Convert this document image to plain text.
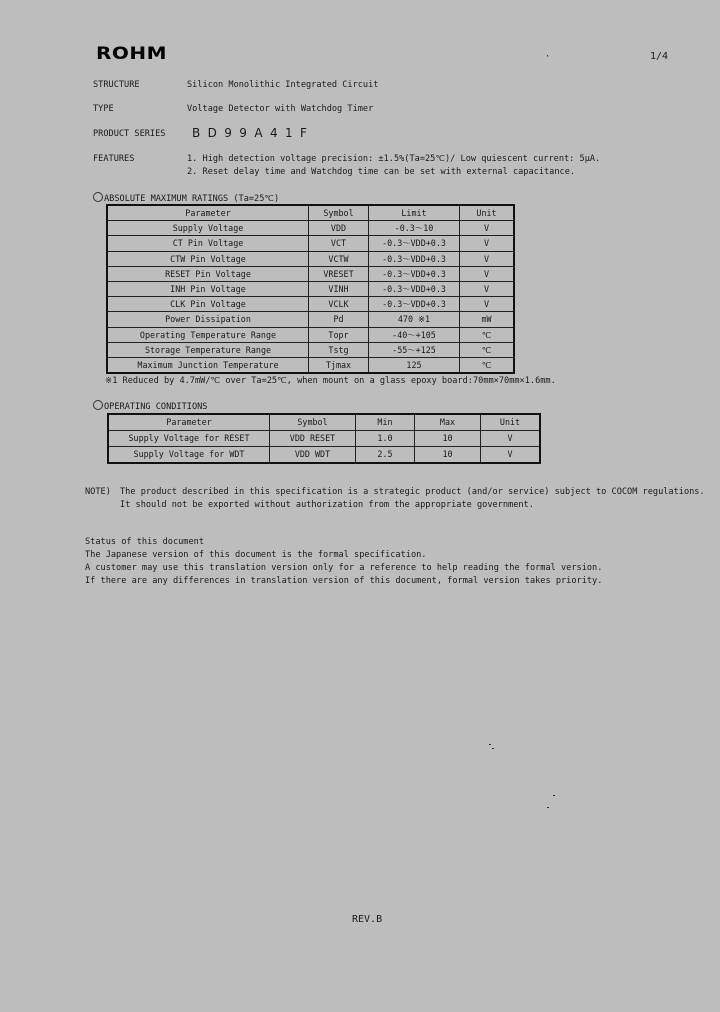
ROHM	·	1/4
STRUCTURE	Silicon Monolithic Integrated Circuit
TYPE	Voltage Detector with Watchdog Timer
PRODUCT SERIES BD99A41F
FEATURES	1. High detection voltage precision: ±1.5%(Ta=25℃)/ Low quiescent current: 5μA.
2. Reset delay time and Watchdog time can be set with external capacitance.
ABSOLUTE MAXIMUM RATINGS (Ta=25℃)
Parameter	Symbol	Limit	Unit
Supply Voltage	VDD	-0.3〜10	V
CT Pin Voltage	VCT	-0.3〜VDD+0.3	V
CTW Pin Voltage	VCTW	-0.3〜VDD+0.3	V
RESET Pin Voltage	VRESET	-0.3〜VDD+0.3	V
INH Pin Voltage	VINH	-0.3〜VDD+0.3	V
CLK Pin Voltage	VCLK	-0.3〜VDD+0.3	V
Power Dissipation	Pd	470 ※1	mW
Operating Temperature Range	Topr	-40〜+105	℃
Storage Temperature Range	Tstg	-55〜+125	℃
Maximum Junction Temperature	Tjmax	125	℃
※1 Reduced by 4.7mW/℃ over Ta=25℃, when mount on a glass epoxy board:70mm×70mm×1.6mm.
OPERATING CONDITIONS
Parameter	Symbol	Min	Max	Unit
Supply Voltage for RESET	VDD RESET	1.0	10	V
Supply Voltage for WDT	VDD WDT	2.5	10	V
NOTE) The product described in this specification is a strategic product (and/or service) subject to COCOM regulations.
It should not be exported without authorization from the appropriate government.
Status of this document
The Japanese version of this document is the formal specification.
A customer may use this translation version only for a reference to help reading the formal version.
If there are any differences in translation version of this document, formal version takes priority.
REV.B
